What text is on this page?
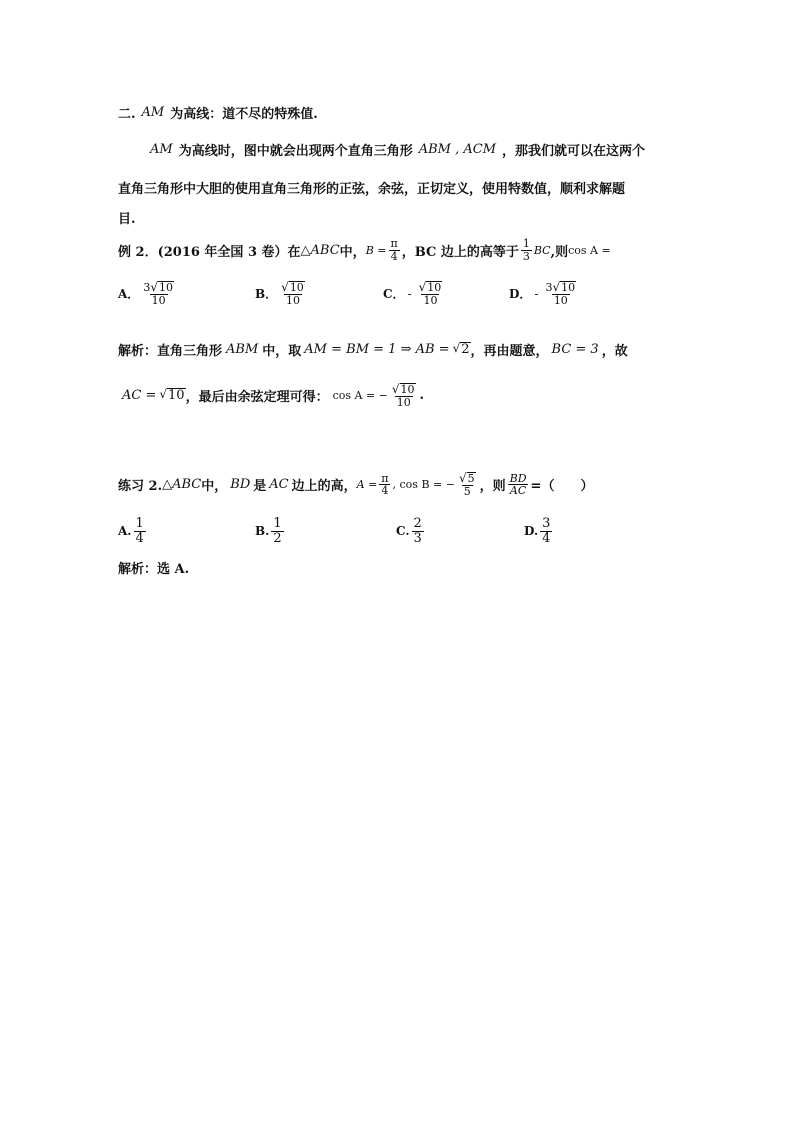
二. AM 为高线：道不尽的特殊值.
AM 为高线时，图中就会出现两个直角三角形 ABM , ACM ，那我们就可以在这两个
直角三角形中大胆的使用直角三角形的正弦，余弦，正切定义，使用特数值，顺利求解题
目.
例 2．(2016 年全国 3 卷）在 △ABC 中， $B = \frac{\pi}{4}$ ，BC 边上的高等于 $\frac{1}{3}$ BC ,则 cos A =
A． $\frac{3 √ 10}{10}$	B． $\frac{√ 10}{10}$	C． - $\frac{√ 10}{10}$	D． - $\frac{3 √ 10}{10}$
解析：直角三角形 ABM 中，取 AM = BM = 1 ⇒ AB = √ 2 ，再由题意， BC = 3 ，故
AC = √ 10 ，最后由余弦定理可得： cos A = − $\frac{√ 10}{10}$ .
练习 2. △ABC 中， BD 是 AC 边上的高， $A = \frac{\pi}{4}$ , cos B = − $\frac{√ 5}{5}$ ，则 $\frac{BD}{AC}$ =（　　）
A. $\frac{1}{4}$	B. $\frac{1}{2}$	C. $\frac{2}{3}$	D. $\frac{3}{4}$
解析：选 A.
